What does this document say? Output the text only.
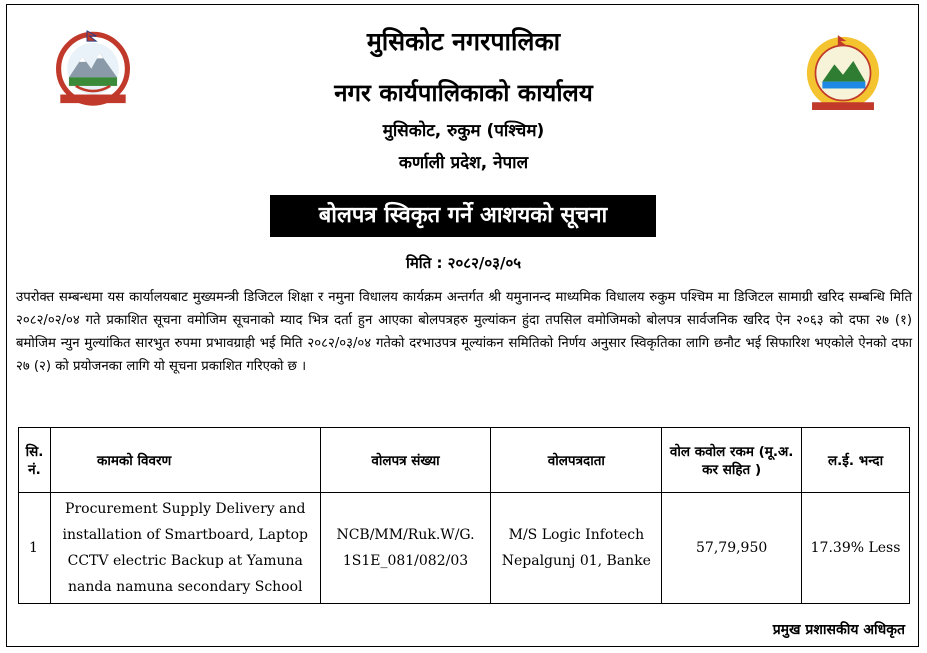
मुसिकोट नगरपालिका
नगर कार्यपालिकाको कार्यालय
मुसिकोट, रुकुम (पश्चिम)
कर्णाली प्रदेश, नेपाल
बोलपत्र स्विकृत गर्ने आशयको सूचना
मिति : २०८२/०३/०५
उपरोक्त सम्बन्धमा यस कार्यालयबाट मुख्यमन्त्री डिजिटल शिक्षा र नमुना विधालय कार्यक्रम अन्तर्गत श्री यमुनानन्द माध्यमिक विधालय रुकुम पश्चिम मा डिजिटल सामाग्री खरिद सम्बन्धि मिति २०८२/०२/०४ गते प्रकाशित सूचना वमोजिम सूचनाको म्याद भित्र दर्ता हुन आएका बोलपत्रहरु मुल्यांकन हुंदा तपसिल वमोजिमको बोलपत्र सार्वजनिक खरिद ऐन २०६३ को दफा २७ (१) बमोजिम न्युन मुल्यांकित सारभुत रुपमा प्रभावग्राही भई मिति २०८२/०३/०४ गतेको दरभाउपत्र मूल्यांकन समितिको निर्णय अनुसार स्विकृतिका लागि छनौट भई सिफारिश भएकोले ऐनको दफा २७ (२) को प्रयोजनका लागि यो सूचना प्रकाशित गरिएको छ ।
सि. नं.	कामको विवरण	वोलपत्र संख्या	वोलपत्रदाता	वोल कवोल रकम (मू.अ. कर सहित )	ल.ई. भन्दा
1	Procurement Supply Delivery and installation of Smartboard, Laptop CCTV electric Backup at Yamuna nanda namuna secondary School	NCB/MM/Ruk.W/G. 1S1E_081/082/03	M/S Logic Infotech Nepalgunj 01, Banke	57,79,950	17.39% Less
प्रमुख प्रशासकीय अधिकृत
